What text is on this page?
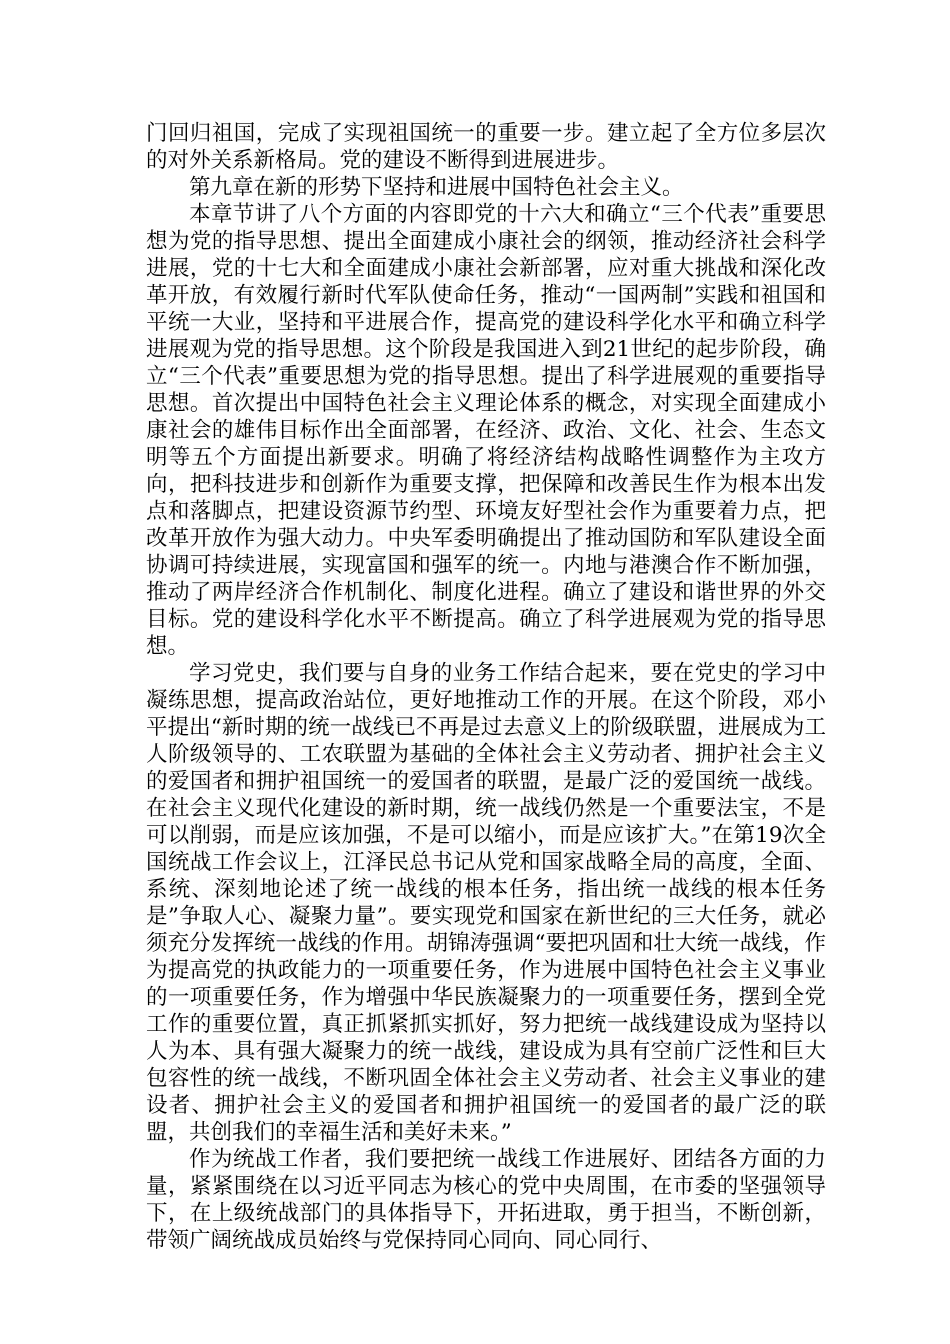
门回归祖国，完成了实现祖国统一的重要一步。建立起了全方位多层次的对外关系新格局。党的建设不断得到进展进步。

第九章在新的形势下坚持和进展中国特色社会主义。

本章节讲了八个方面的内容即党的十六大和确立“三个代表”重要思想为党的指导思想、提出全面建成小康社会的纲领，推动经济社会科学进展，党的十七大和全面建成小康社会新部署，应对重大挑战和深化改革开放，有效履行新时代军队使命任务，推动“一国两制”实践和祖国和平统一大业，坚持和平进展合作，提高党的建设科学化水平和确立科学进展观为党的指导思想。这个阶段是我国进入到21世纪的起步阶段，确立“三个代表”重要思想为党的指导思想。提出了科学进展观的重要指导思想。首次提出中国特色社会主义理论体系的概念，对实现全面建成小康社会的雄伟目标作出全面部署，在经济、政治、文化、社会、生态文明等五个方面提出新要求。明确了将经济结构战略性调整作为主攻方向，把科技进步和创新作为重要支撑，把保障和改善民生作为根本出发点和落脚点，把建设资源节约型、环境友好型社会作为重要着力点，把改革开放作为强大动力。中央军委明确提出了推动国防和军队建设全面协调可持续进展，实现富国和强军的统一。内地与港澳合作不断加强，推动了两岸经济合作机制化、制度化进程。确立了建设和谐世界的外交目标。党的建设科学化水平不断提高。确立了科学进展观为党的指导思想。

学习党史，我们要与自身的业务工作结合起来，要在党史的学习中凝练思想，提高政治站位，更好地推动工作的开展。在这个阶段，邓小平提出“新时期的统一战线已不再是过去意义上的阶级联盟，进展成为工人阶级领导的、工农联盟为基础的全体社会主义劳动者、拥护社会主义的爱国者和拥护祖国统一的爱国者的联盟，是最广泛的爱国统一战线。在社会主义现代化建设的新时期，统一战线仍然是一个重要法宝，不是可以削弱，而是应该加强，不是可以缩小，而是应该扩大。”在第19次全国统战工作会议上，江泽民总书记从党和国家战略全局的高度，全面、系统、深刻地论述了统一战线的根本任务，指出统一战线的根本任务是”争取人心、凝聚力量”。要实现党和国家在新世纪的三大任务，就必须充分发挥统一战线的作用。胡锦涛强调“要把巩固和壮大统一战线，作为提高党的执政能力的一项重要任务，作为进展中国特色社会主义事业的一项重要任务，作为增强中华民族凝聚力的一项重要任务，摆到全党工作的重要位置，真正抓紧抓实抓好，努力把统一战线建设成为坚持以人为本、具有强大凝聚力的统一战线，建设成为具有空前广泛性和巨大包容性的统一战线，不断巩固全体社会主义劳动者、社会主义事业的建设者、拥护社会主义的爱国者和拥护祖国统一的爱国者的最广泛的联盟，共创我们的幸福生活和美好未来。”

作为统战工作者，我们要把统一战线工作进展好、团结各方面的力量，紧紧围绕在以习近平同志为核心的党中央周围，在市委的坚强领导下，在上级统战部门的具体指导下，开拓进取，勇于担当，不断创新，带领广阔统战成员始终与党保持同心同向、同心同行、
